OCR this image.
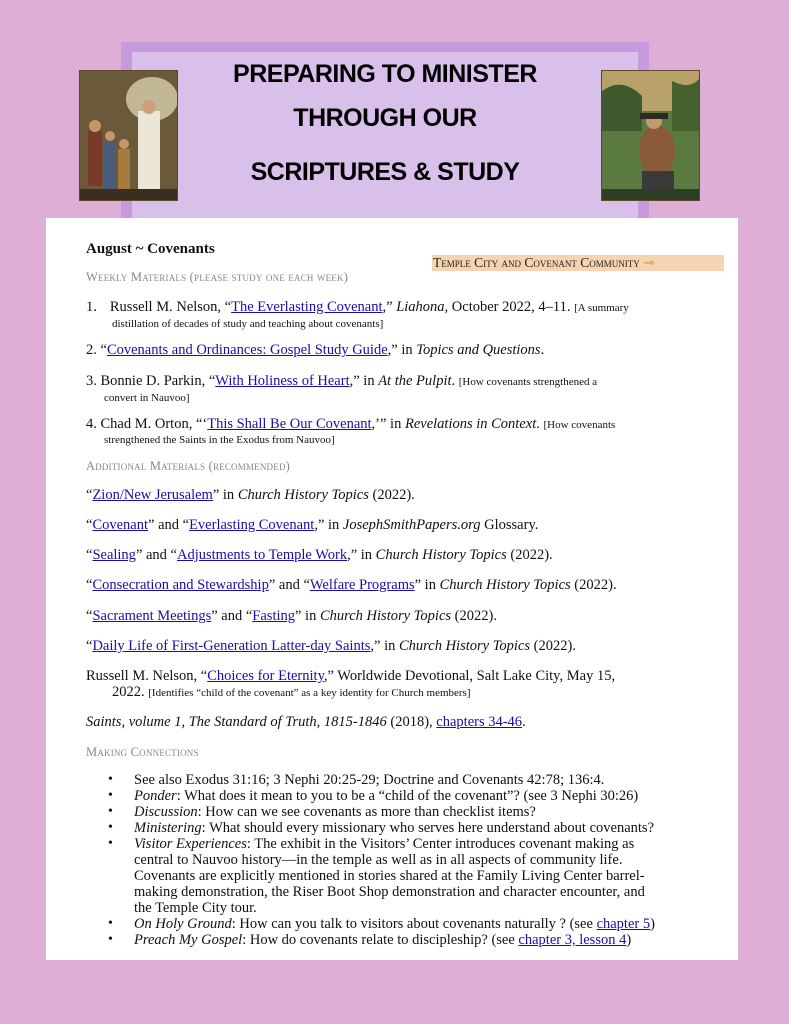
PREPARING TO MINISTER
THROUGH OUR
SCRIPTURES & STUDY
August ~ Covenants
Temple City and Covenant Community ⊸
Weekly Materials (please study one each week)
1. Russell M. Nelson, “The Everlasting Covenant,” Liahona, October 2022, 4–11. [A summary
distillation of decades of study and teaching about covenants]
2. “Covenants and Ordinances: Gospel Study Guide,” in Topics and Questions.
3. Bonnie D. Parkin, “With Holiness of Heart,” in At the Pulpit. [How covenants strengthened a
convert in Nauvoo]
4. Chad M. Orton, “‘This Shall Be Our Covenant,’” in Revelations in Context. [How covenants
strengthened the Saints in the Exodus from Nauvoo]
Additional Materials (recommended)
“Zion/New Jerusalem” in Church History Topics (2022).
“Covenant” and “Everlasting Covenant,” in JosephSmithPapers.org Glossary.
“Sealing” and “Adjustments to Temple Work,” in Church History Topics (2022).
“Consecration and Stewardship” and “Welfare Programs” in Church History Topics (2022).
“Sacrament Meetings” and “Fasting” in Church History Topics (2022).
“Daily Life of First-Generation Latter-day Saints,” in Church History Topics (2022).
Russell M. Nelson, “Choices for Eternity,” Worldwide Devotional, Salt Lake City, May 15,
2022. [Identifies “child of the covenant” as a key identity for Church members]
Saints, volume 1, The Standard of Truth, 1815-1846 (2018), chapters 34-46.
Making Connections
• See also Exodus 31:16; 3 Nephi 20:25-29; Doctrine and Covenants 42:78; 136:4.
• Ponder: What does it mean to you to be a “child of the covenant”? (see 3 Nephi 30:26)
• Discussion: How can we see covenants as more than checklist items?
• Ministering: What should every missionary who serves here understand about covenants?
• Visitor Experiences: The exhibit in the Visitors’ Center introduces covenant making as
central to Nauvoo history—in the temple as well as in all aspects of community life.
Covenants are explicitly mentioned in stories shared at the Family Living Center barrel-
making demonstration, the Riser Boot Shop demonstration and character encounter, and
the Temple City tour.
• On Holy Ground: How can you talk to visitors about covenants naturally ? (see chapter 5)
• Preach My Gospel: How do covenants relate to discipleship? (see chapter 3, lesson 4)
